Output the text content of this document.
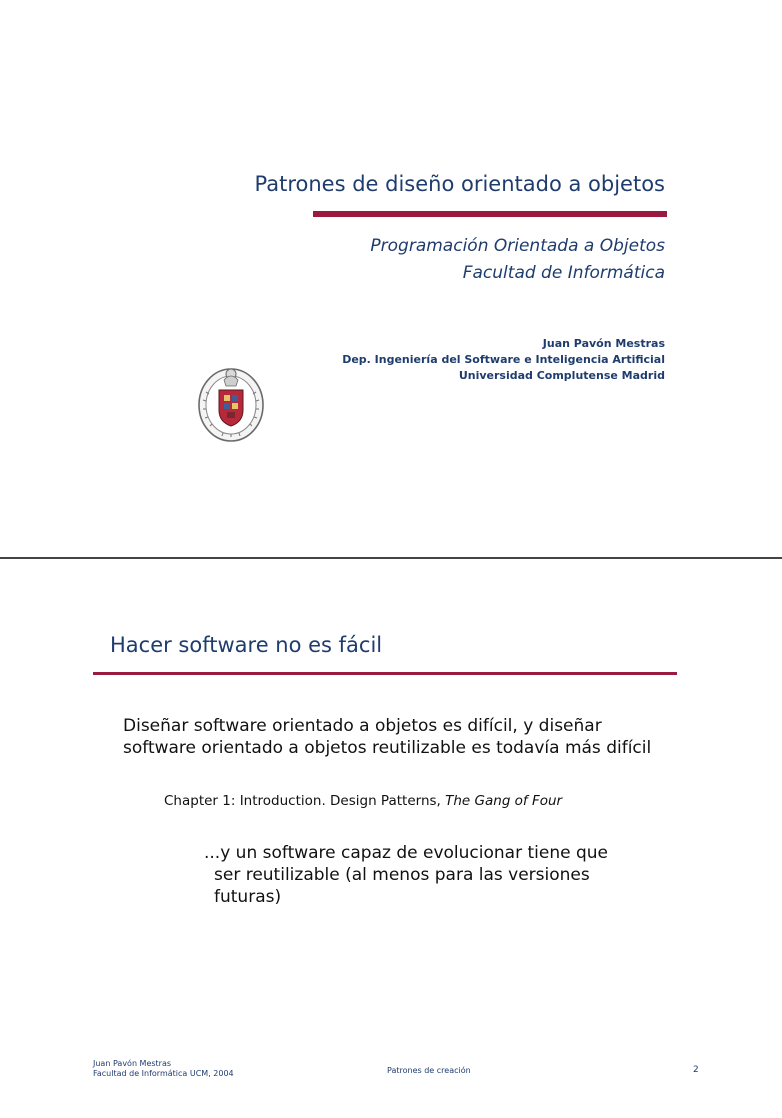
Patrones de diseño orientado a objetos
Programación Orientada a Objetos
Facultad de Informática
Juan Pavón Mestras
Dep. Ingeniería del Software e Inteligencia Artificial
Universidad Complutense Madrid
Hacer software no es fácil
Diseñar software orientado a objetos es difícil, y diseñar software orientado a objetos reutilizable es todavía más difícil
Chapter 1: Introduction. Design Patterns, The Gang of Four
...y un software capaz de evolucionar tiene que
ser reutilizable (al menos para las versiones
futuras)
Juan Pavón Mestras
Facultad de Informática UCM, 2004	Patrones de creación	2
